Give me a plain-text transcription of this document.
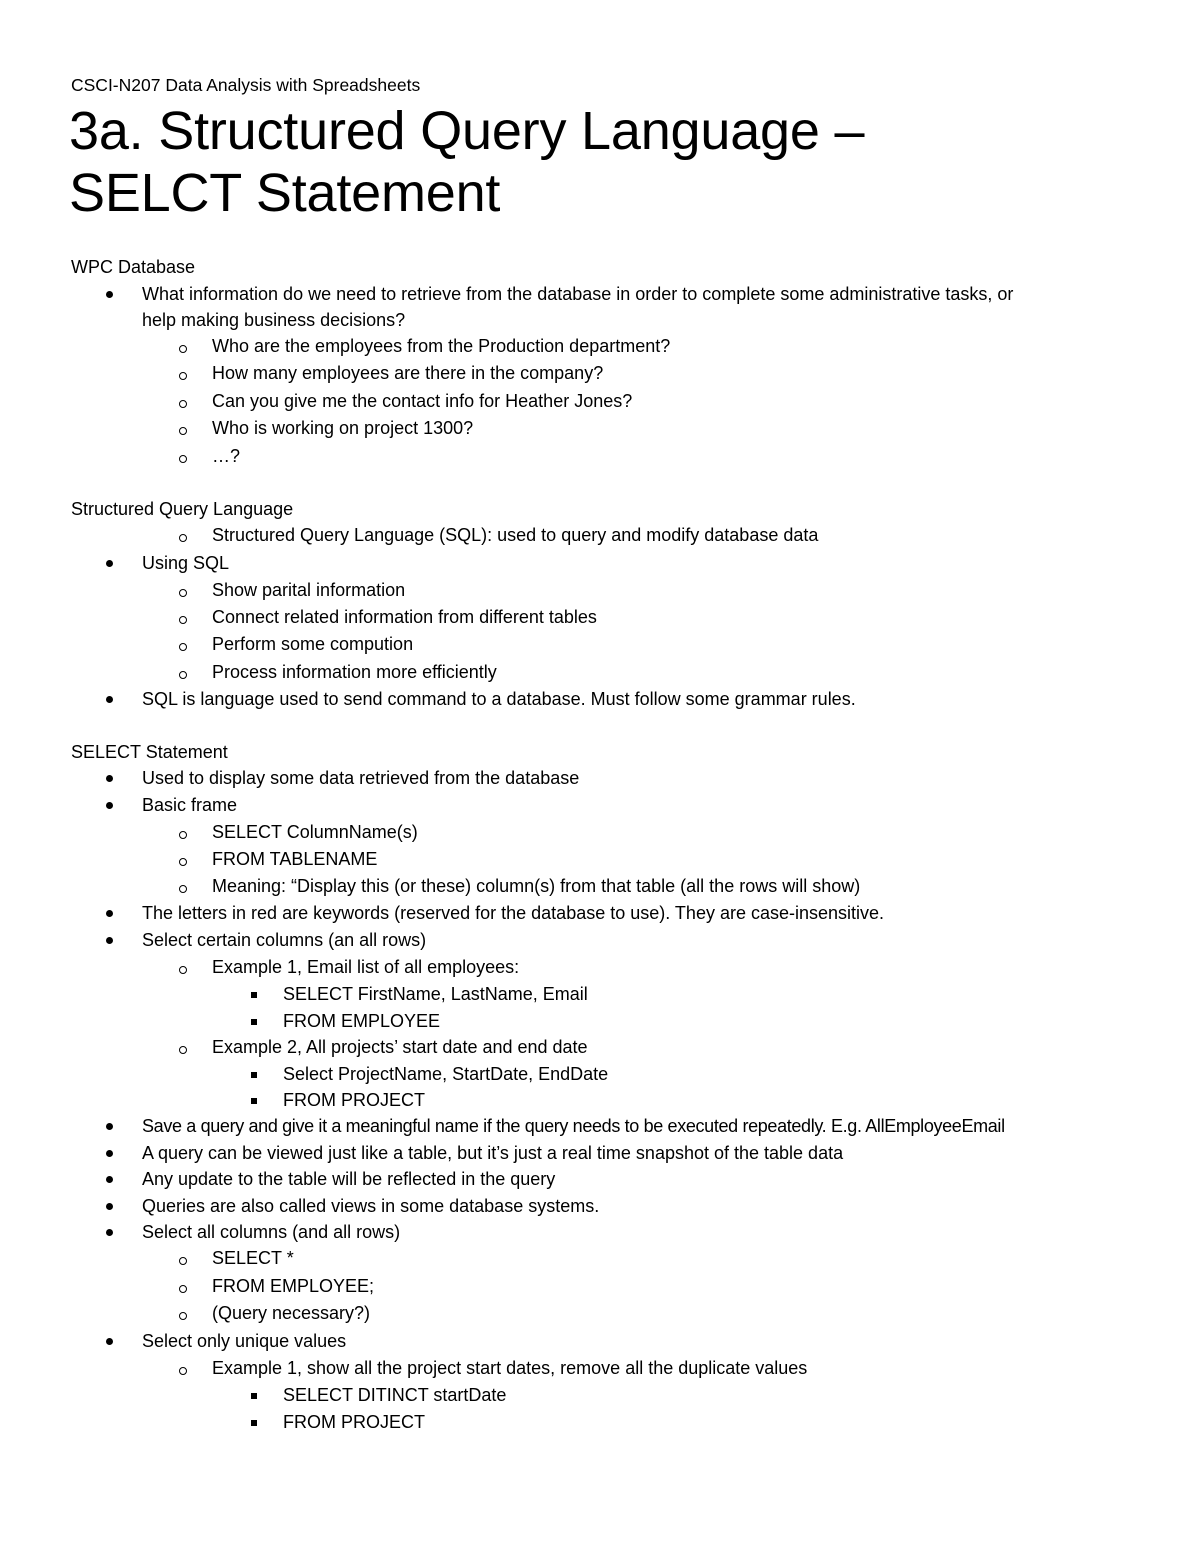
CSCI-N207 Data Analysis with Spreadsheets
3a. Structured Query Language –
SELCT Statement
WPC Database
What information do we need to retrieve from the database in order to complete some administrative tasks, or
help making business decisions?
Who are the employees from the Production department?
How many employees are there in the company?
Can you give me the contact info for Heather Jones?
Who is working on project 1300?
…?
Structured Query Language
Structured Query Language (SQL): used to query and modify database data
Using SQL
Show parital information
Connect related information from different tables
Perform some compution
Process information more efficiently
SQL is language used to send command to a database. Must follow some grammar rules.
SELECT Statement
Used to display some data retrieved from the database
Basic frame
SELECT ColumnName(s)
FROM TABLENAME
Meaning: “Display this (or these) column(s) from that table (all the rows will show)
The letters in red are keywords (reserved for the database to use). They are case-insensitive.
Select certain columns (an all rows)
Example 1, Email list of all employees:
SELECT FirstName, LastName, Email
FROM EMPLOYEE
Example 2, All projects’ start date and end date
Select ProjectName, StartDate, EndDate
FROM PROJECT
Save a query and give it a meaningful name if the query needs to be executed repeatedly. E.g. AllEmployeeEmail
A query can be viewed just like a table, but it’s just a real time snapshot of the table data
Any update to the table will be reflected in the query
Queries are also called views in some database systems.
Select all columns (and all rows)
SELECT *
FROM EMPLOYEE;
(Query necessary?)
Select only unique values
Example 1, show all the project start dates, remove all the duplicate values
SELECT DITINCT startDate
FROM PROJECT
